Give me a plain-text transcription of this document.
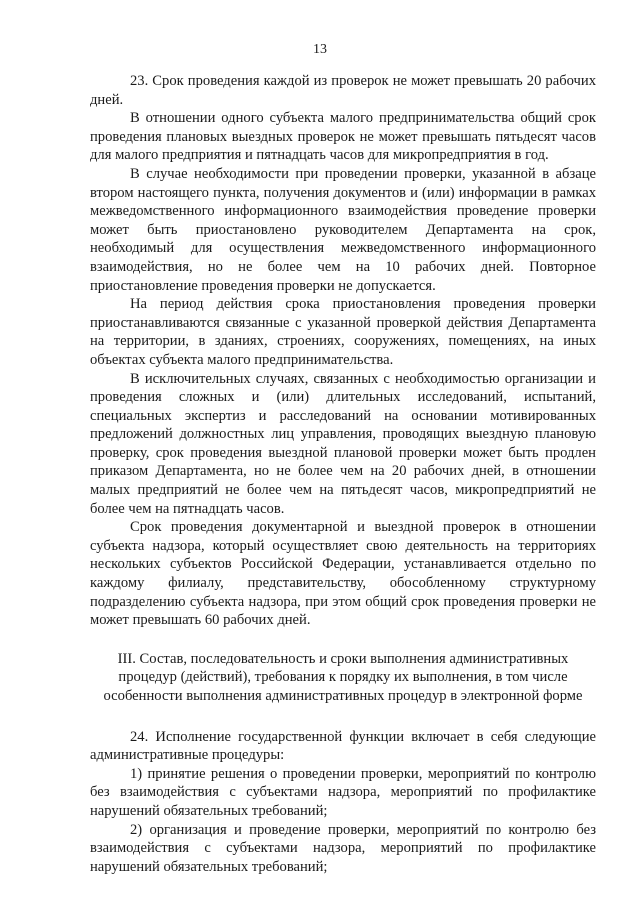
13

23. Срок проведения каждой из проверок не может превышать 20 рабочих дней.

В отношении одного субъекта малого предпринимательства общий срок проведения плановых выездных проверок не может превышать пятьдесят часов для малого предприятия и пятнадцать часов для микропредприятия в год.

В случае необходимости при проведении проверки, указанной в абзаце втором настоящего пункта, получения документов и (или) информации в рамках межведомственного информационного взаимодействия проведение проверки может быть приостановлено руководителем Департамента на срок, необходимый для осуществления межведомственного информационного взаимодействия, но не более чем на 10 рабочих дней. Повторное приостановление проведения проверки не допускается.

На период действия срока приостановления проведения проверки приостанавливаются связанные с указанной проверкой действия Департамента на территории, в зданиях, строениях, сооружениях, помещениях, на иных объектах субъекта малого предпринимательства.

В исключительных случаях, связанных с необходимостью организации и проведения сложных и (или) длительных исследований, испытаний, специальных экспертиз и расследований на основании мотивированных предложений должностных лиц управления, проводящих выездную плановую проверку, срок проведения выездной плановой проверки может быть продлен приказом Департамента, но не более чем на 20 рабочих дней, в отношении малых предприятий не более чем на пятьдесят часов, микропредприятий не более чем на пятнадцать часов.

Срок проведения документарной и выездной проверок в отношении субъекта надзора, который осуществляет свою деятельность на территориях нескольких субъектов Российской Федерации, устанавливается отдельно по каждому филиалу, представительству, обособленному структурному подразделению субъекта надзора, при этом общий срок проведения проверки не может превышать 60 рабочих дней.

III. Состав, последовательность и сроки выполнения административных процедур (действий), требования к порядку их выполнения, в том числе особенности выполнения административных процедур в электронной форме

24. Исполнение государственной функции включает в себя следующие административные процедуры:

1) принятие решения о проведении проверки, мероприятий по контролю без взаимодействия с субъектами надзора, мероприятий по профилактике нарушений обязательных требований;

2) организация и проведение проверки, мероприятий по контролю без взаимодействия с субъектами надзора, мероприятий по профилактике нарушений обязательных требований;
